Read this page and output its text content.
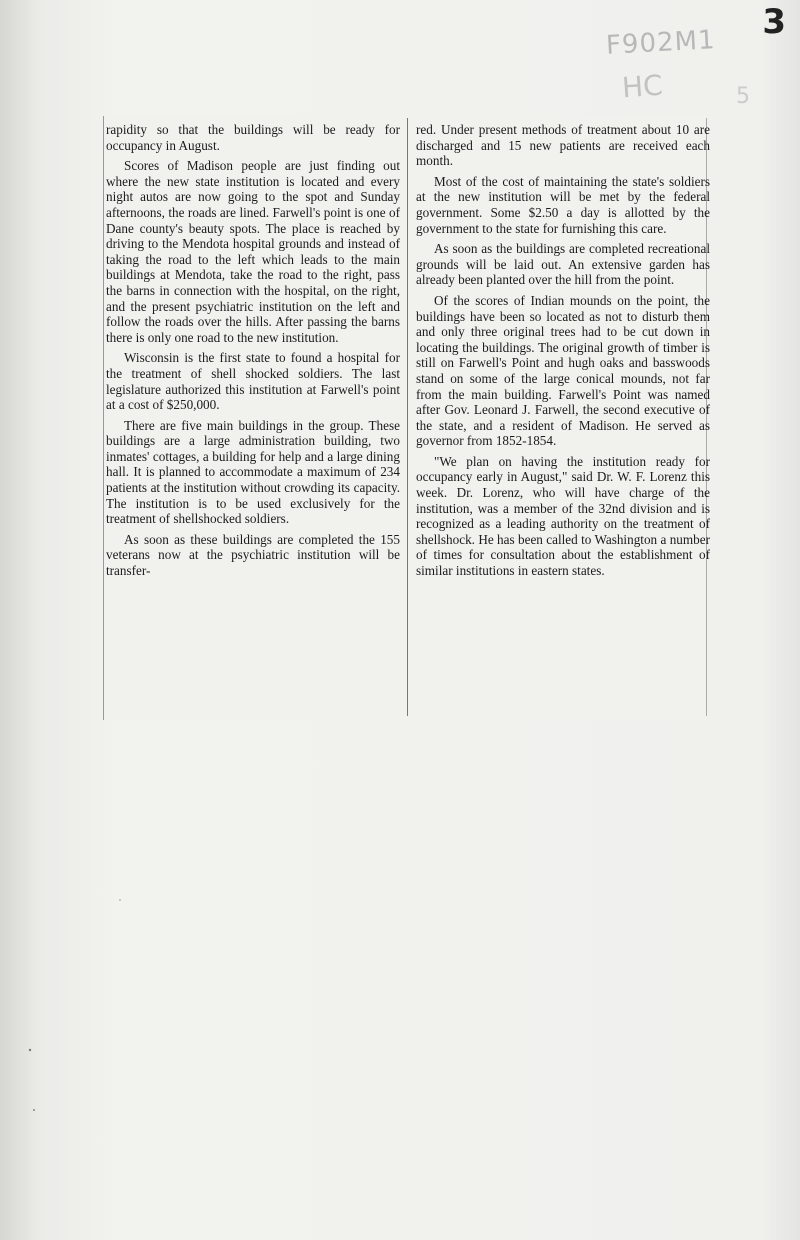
3
F902M1
HC	5

rapidity so that the buildings will be ready for occupancy in August.

Scores of Madison people are just finding out where the new state institution is located and every night autos are now going to the spot and Sunday afternoons, the roads are lined. Farwell's point is one of Dane county's beauty spots. The place is reached by driving to the Mendota hospital grounds and instead of taking the road to the left which leads to the main buildings at Mendota, take the road to the right, pass the barns in connection with the hospital, on the right, and the present psychiatric institution on the left and follow the roads over the hills. After passing the barns there is only one road to the new institution.

Wisconsin is the first state to found a hospital for the treatment of shell shocked soldiers. The last legislature authorized this institution at Farwell's point at a cost of $250,000.

There are five main buildings in the group. These buildings are a large administration building, two inmates' cottages, a building for help and a large dining hall. It is planned to accommodate a maximum of 234 patients at the institution without crowding its capacity. The institution is to be used exclusively for the treatment of shellshocked soldiers.

As soon as these buildings are completed the 155 veterans now at the psychiatric institution will be transfer-

red. Under present methods of treatment about 10 are discharged and 15 new patients are received each month.

Most of the cost of maintaining the state's soldiers at the new institution will be met by the federal government. Some $2.50 a day is allotted by the government to the state for furnishing this care.

As soon as the buildings are completed recreational grounds will be laid out. An extensive garden has already been planted over the hill from the point.

Of the scores of Indian mounds on the point, the buildings have been so located as not to disturb them and only three original trees had to be cut down in locating the buildings. The original growth of timber is still on Farwell's Point and hugh oaks and basswoods stand on some of the large conical mounds, not far from the main building. Farwell's Point was named after Gov. Leonard J. Farwell, the second executive of the state, and a resident of Madison. He served as governor from 1852-1854.

"We plan on having the institution ready for occupancy early in August," said Dr. W. F. Lorenz this week. Dr. Lorenz, who will have charge of the institution, was a member of the 32nd division and is recognized as a leading authority on the treatment of shellshock. He has been called to Washington a number of times for consultation about the establishment of similar institutions in eastern states.
